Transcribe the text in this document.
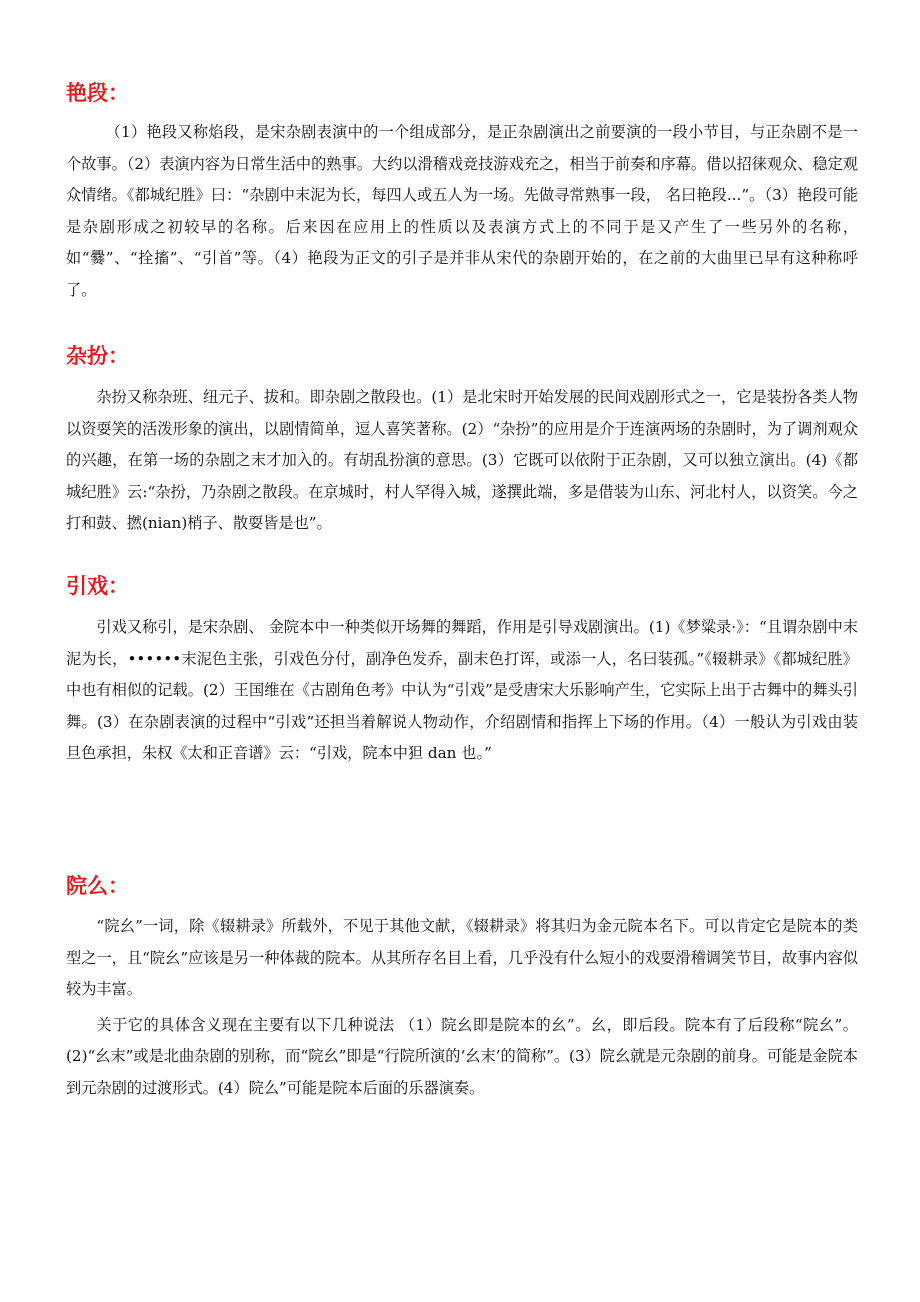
艳段：

（1）艳段又称焰段，是宋杂剧表演中的一个组成部分，是正杂剧演出之前要演的一段小节目，与正杂剧不是一个故事。（2）表演内容为日常生活中的熟事。大约以滑稽戏竞技游戏充之，相当于前奏和序幕。借以招徕观众、稳定观众情绪。《都城纪胜》曰：“杂剧中末泥为长，每四人或五人为一场。先做寻常熟事一段， 名曰艳段...”。（3）艳段可能是杂剧形成之初较早的名称。后来因在应用上的性质以及表演方式上的不同于是又产生了一些另外的名称，如“爨”、“拴搐”、“引首”等。（4）艳段为正文的引子是并非从宋代的杂剧开始的，在之前的大曲里已早有这种称呼了。

杂扮：

杂扮又称杂班、纽元子、拔和。即杂剧之散段也。(1）是北宋时开始发展的民间戏剧形式之一，它是装扮各类人物以资耍笑的活泼形象的演出，以剧情简单，逗人喜笑著称。(2）“杂扮”的应用是介于连演两场的杂剧时，为了调剂观众的兴趣，在第一场的杂剧之末才加入的。有胡乱扮演的意思。(3）它既可以依附于正杂剧，又可以独立演出。(4)《都城纪胜》云:“杂扮，乃杂剧之散段。在京城时，村人罕得入城，遂撰此端，多是借装为山东、河北村人，以资笑。今之打和鼓、撚(nian)梢子、散耍皆是也”。

引戏：

引戏又称引，是宋杂剧、 金院本中一种类似开场舞的舞蹈，作用是引导戏剧演出。(1)《梦粱录·》：“且谓杂剧中末泥为长，••••••末泥色主张，引戏色分付，副净色发乔，副末色打诨，或添一人，名曰装孤。”《辍耕录》《都城纪胜》中也有相似的记载。(2）王国维在《古剧角色考》中认为“引戏”是受唐宋大乐影响产生，它实际上出于古舞中的舞头引舞。(3）在杂剧表演的过程中“引戏”还担当着解说人物动作，介绍剧情和指挥上下场的作用。（4）一般认为引戏由装旦色承担，朱权《太和正音谱》云：“引戏，院本中狚 dan 也。”

院么：

“院幺”一词，除《辍耕录》所载外，不见于其他文献，《辍耕录》将其归为金元院本名下。可以肯定它是院本的类型之一，且“院幺”应该是另一种体裁的院本。从其所存名目上看，几乎没有什么短小的戏耍滑稽调笑节目，故事内容似较为丰富。

关于它的具体含义现在主要有以下几种说法 （1）院幺即是院本的幺”。幺，即后段。院本有了后段称“院幺”。(2)“幺末”或是北曲杂剧的别称，而“院幺”即是“行院所演的‘幺末’的简称”。(3）院幺就是元杂剧的前身。可能是金院本到元杂剧的过渡形式。(4）院么”可能是院本后面的乐器演奏。
